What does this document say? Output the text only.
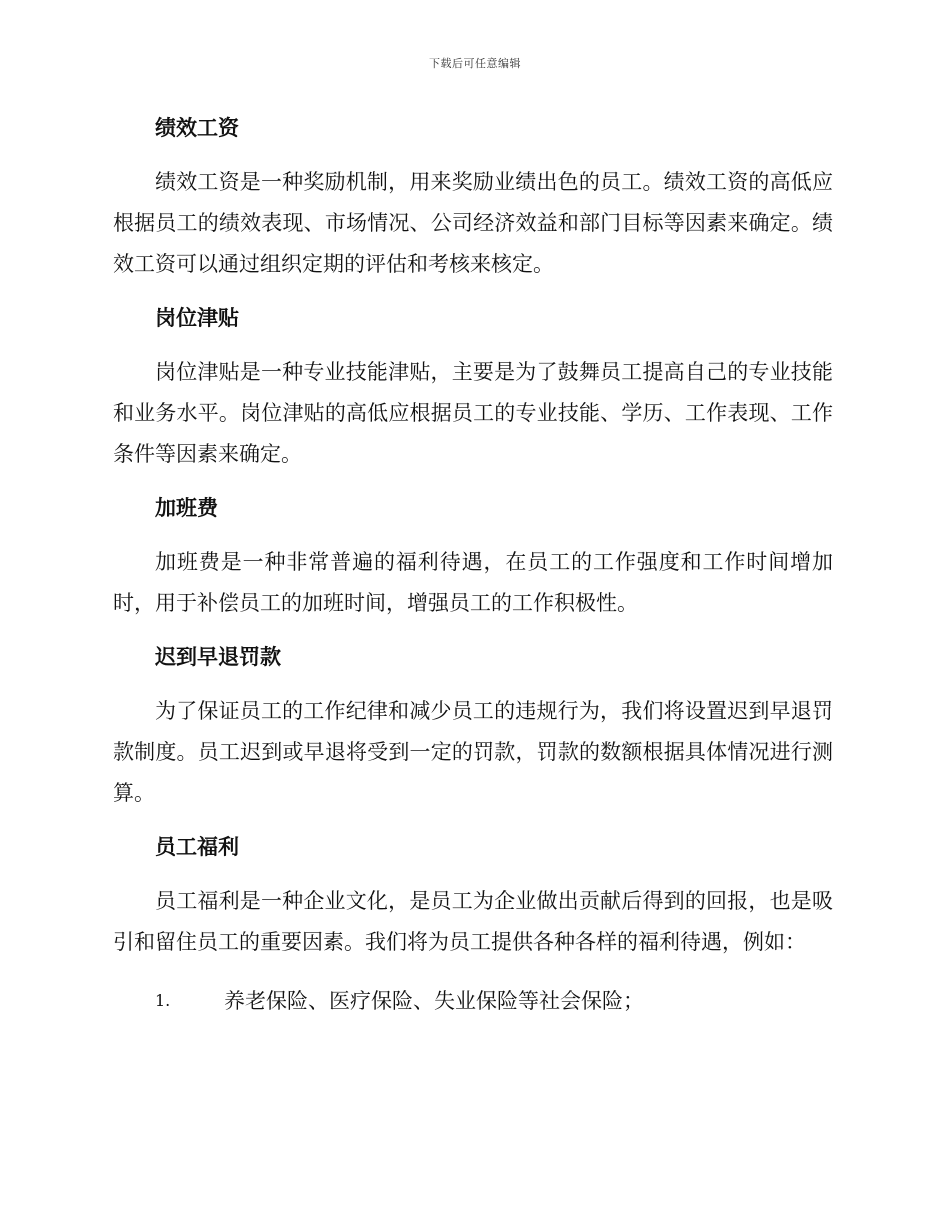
下载后可任意编辑
绩效工资

绩效工资是一种奖励机制，用来奖励业绩出色的员工。绩效工资的高低应根据员工的绩效表现、市场情况、公司经济效益和部门目标等因素来确定。绩效工资可以通过组织定期的评估和考核来核定。

岗位津贴

岗位津贴是一种专业技能津贴，主要是为了鼓舞员工提高自己的专业技能和业务水平。岗位津贴的高低应根据员工的专业技能、学历、工作表现、工作条件等因素来确定。

加班费

加班费是一种非常普遍的福利待遇，在员工的工作强度和工作时间增加时，用于补偿员工的加班时间，增强员工的工作积极性。

迟到早退罚款

为了保证员工的工作纪律和减少员工的违规行为，我们将设置迟到早退罚款制度。员工迟到或早退将受到一定的罚款，罚款的数额根据具体情况进行测算。

员工福利

员工福利是一种企业文化，是员工为企业做出贡献后得到的回报，也是吸引和留住员工的重要因素。我们将为员工提供各种各样的福利待遇，例如：

1.	养老保险、医疗保险、失业保险等社会保险；
